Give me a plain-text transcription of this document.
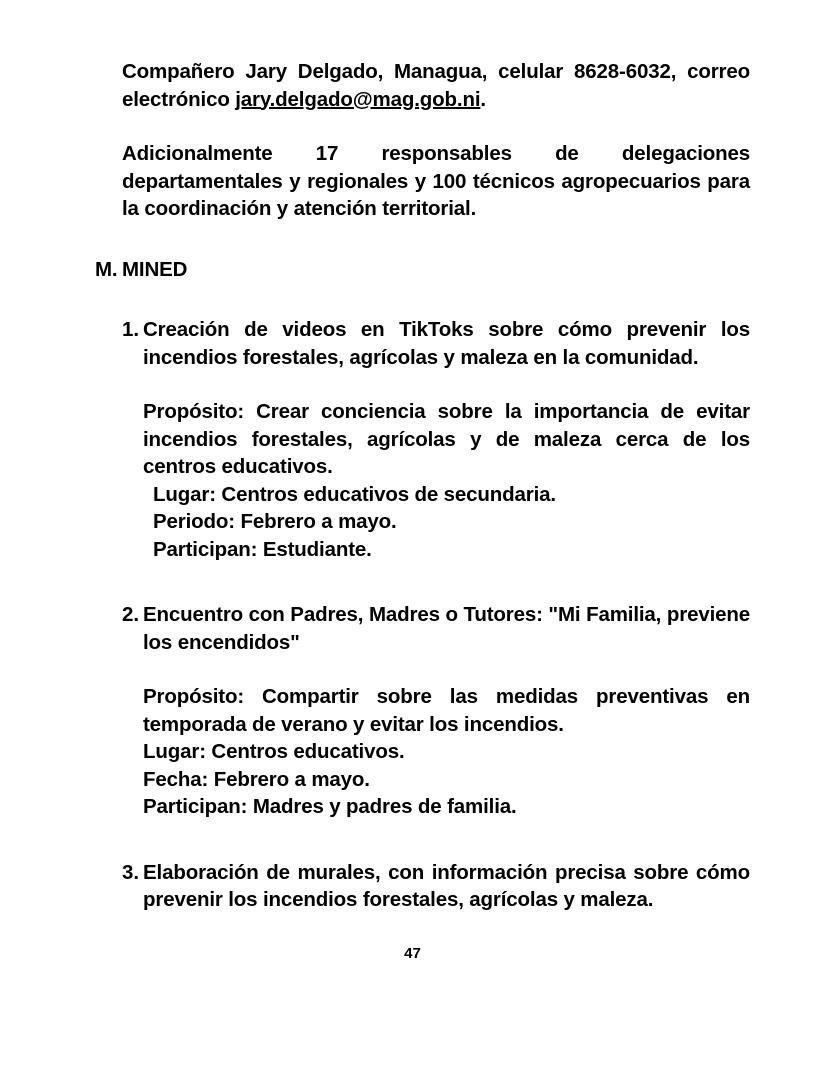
Compañero Jary Delgado, Managua, celular 8628-6032, correo electrónico jary.delgado@mag.gob.ni.

Adicionalmente 17 responsables de delegaciones departamentales y regionales y 100 técnicos agropecuarios para la coordinación y atención territorial.

M. MINED
1. Creación de videos en TikToks sobre cómo prevenir los incendios forestales, agrícolas y maleza en la comunidad.
Propósito: Crear conciencia sobre la importancia de evitar incendios forestales, agrícolas y de maleza cerca de los centros educativos.
Lugar: Centros educativos de secundaria.
Periodo: Febrero a mayo.
Participan: Estudiante.
2. Encuentro con Padres, Madres o Tutores: "Mi Familia, previene los encendidos"
Propósito: Compartir sobre las medidas preventivas en temporada de verano y evitar los incendios.
Lugar: Centros educativos.
Fecha: Febrero a mayo.
Participan: Madres y padres de familia.
3. Elaboración de murales, con información precisa sobre cómo prevenir los incendios forestales, agrícolas y maleza.
47
